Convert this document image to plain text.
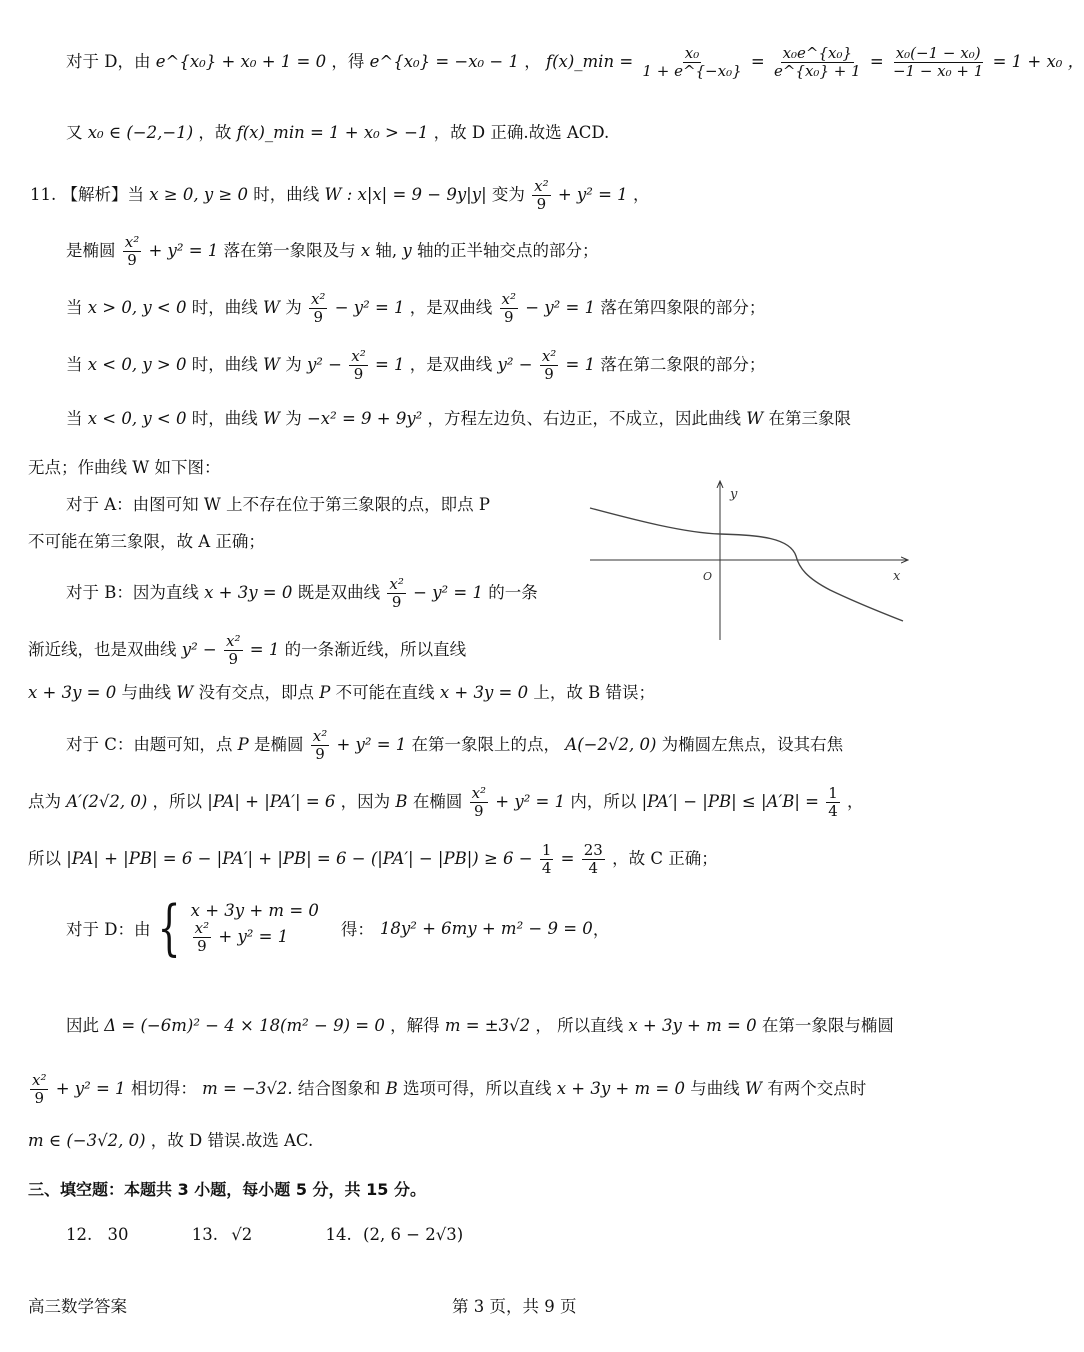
对于 D，由 e^{x₀} + x₀ + 1 = 0 ，得 e^{x₀} = −x₀ − 1 ， f(x)_min = $\frac{\text{x₀}}{\text{1 + e\textasciicircum{}\{−x₀\}}} = \frac{\text{x₀e\textasciicircum{}\{x₀\}}}{\text{e\textasciicircum{}\{x₀\} + 1}} = \frac{\text{x₀(−1 − x₀)}}{\text{−1 − x₀ + 1}} = 1 + x_0$ ，
又 x₀ ∈ (−2,−1) ，故 f(x)_min = 1 + x₀ > −1 ，故 D 正确.故选 ACD.
11. 【解析】当 x ≥ 0, y ≥ 0 时，曲线 W : x|x| = 9 − 9y|y| 变为 $\frac{\text{x²}}{9} + y^2 = 1$ ，
是椭圆 $\frac{\text{x²}}{9} + y^2 = 1$ 落在第一象限及与 x 轴, y 轴的正半轴交点的部分；
当 x > 0, y < 0 时，曲线 W 为 $\frac{\text{x²}}{9} - y^2 = 1$ ，是双曲线 $\frac{\text{x²}}{9} - y^2 = 1$ 落在第四象限的部分；
当 x < 0, y > 0 时，曲线 W 为 $y^2 - \frac{\text{x²}}{9} = 1$ ，是双曲线 $y^2 - \frac{\text{x²}}{9} = 1$ 落在第二象限的部分；
当 x < 0, y < 0 时，曲线 W 为 −x² = 9 + 9y² ，方程左边负、右边正，不成立，因此曲线 W 在第三象限
无点；作曲线 W 如下图：
对于 A：由图可知 W 上不存在位于第三象限的点，即点 P
不可能在第三象限，故 A 正确；
对于 B：因为直线 x + 3y = 0 既是双曲线 $\frac{\text{x²}}{9} - y^2 = 1$ 的一条
渐近线，也是双曲线 $y^2 - \frac{\text{x²}}{9} = 1$ 的一条渐近线，所以直线
x + 3y = 0 与曲线 W 没有交点，即点 P 不可能在直线 x + 3y = 0 上，故 B 错误；
对于 C：由题可知，点 P 是椭圆 $\frac{\text{x²}}{9} + y^2 = 1$ 在第一象限上的点， A(−2√2, 0) 为椭圆左焦点，设其右焦
点为 A′(2√2, 0) ，所以 |PA| + |PA′| = 6 ，因为 B 在椭圆 $\frac{\text{x²}}{9} + y^2 = 1$ 内，所以 $|PA'| - |PB| \le |A'B| = \frac{1}{4}$ ，
所以 $|PA| + |PB| = 6 - |PA'| + |PB| = 6 - (|PA'| - |PB|) \ge 6 - \frac{1}{4} = \frac{23}{4}$ ，故 C 正确；
对于 D：由 { x + 3y + m = 0
$\frac{\text{x²}}{9} + y^2 = 1$	得： 18y² + 6my + m² − 9 = 0 ，
因此 Δ = (−6m)² − 4 × 18(m² − 9) = 0 ，解得 m = ±3√2 ， 所以直线 x + 3y + m = 0 在第一象限与椭圆
$\frac{\text{x²}}{9} + y^2 = 1$ 相切得： m = −3√2. 结合图象和 B 选项可得，所以直线 x + 3y + m = 0 与曲线 W 有两个交点时
m ∈ (−3√2, 0) ，故 D 错误.故选 AC.
三、填空题：本题共 3 小题，每小题 5 分，共 15 分。
12. 30	13. √2	14. (2, 6 − 2√3)
y
x
O
高三数学答案	第 3 页，共 9 页
